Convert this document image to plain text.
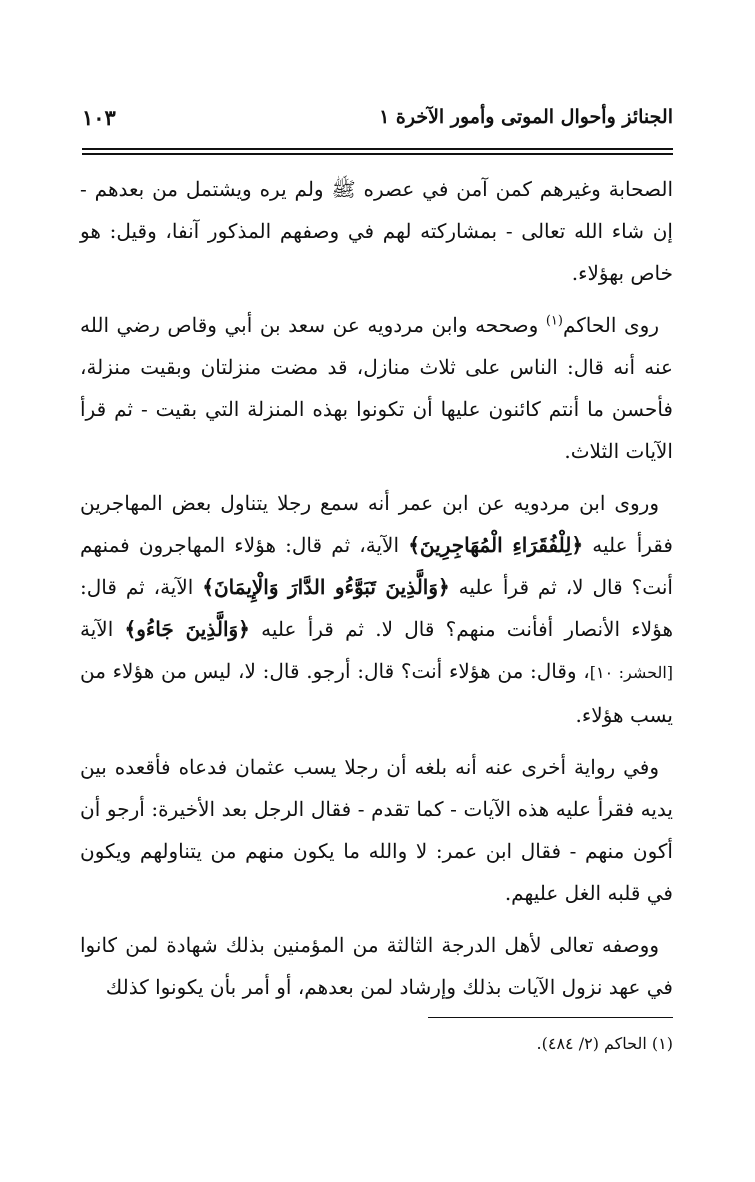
الجنائز وأحوال الموتى وأمور الآخرة ١
١٠٣

الصحابة وغيرهم كمن آمن في عصره ﷺ ولم يره ويشتمل من بعدهم - إن شاء الله تعالى - بمشاركته لهم في وصفهم المذكور آنفا، وقيل: هو خاص بهؤلاء.

روى الحاكم$^{(١)}$ وصححه وابن مردويه عن سعد بن أبي وقاص رضي الله عنه أنه قال: الناس على ثلاث منازل، قد مضت منزلتان وبقيت منزلة، فأحسن ما أنتم كائنون عليها أن تكونوا بهذه المنزلة التي بقيت - ثم قرأ الآيات الثلاث.

وروى ابن مردويه عن ابن عمر أنه سمع رجلا يتناول بعض المهاجرين فقرأ عليه ﴿لِلْفُقَرَاءِ الْمُهَاجِرِينَ﴾ الآية، ثم قال: هؤلاء المهاجرون فمنهم أنت؟ قال لا، ثم قرأ عليه ﴿وَالَّذِينَ تَبَوَّءُو الدَّارَ وَالْإِيمَانَ﴾ الآية، ثم قال: هؤلاء الأنصار أفأنت منهم؟ قال لا. ثم قرأ عليه ﴿وَالَّذِينَ جَاءُو﴾ الآية [الحشر: ١٠]، وقال: من هؤلاء أنت؟ قال: أرجو. قال: لا، ليس من هؤلاء من يسب هؤلاء.

وفي رواية أخرى عنه أنه بلغه أن رجلا يسب عثمان فدعاه فأقعده بين يديه فقرأ عليه هذه الآيات - كما تقدم - فقال الرجل بعد الأخيرة: أرجو أن أكون منهم - فقال ابن عمر: لا والله ما يكون منهم من يتناولهم ويكون في قلبه الغل عليهم.

ووصفه تعالى لأهل الدرجة الثالثة من المؤمنين بذلك شهادة لمن كانوا في عهد نزول الآيات بذلك وإرشاد لمن بعدهم، أو أمر بأن يكونوا كذلك

(١) الحاكم (٢/ ٤٨٤).
